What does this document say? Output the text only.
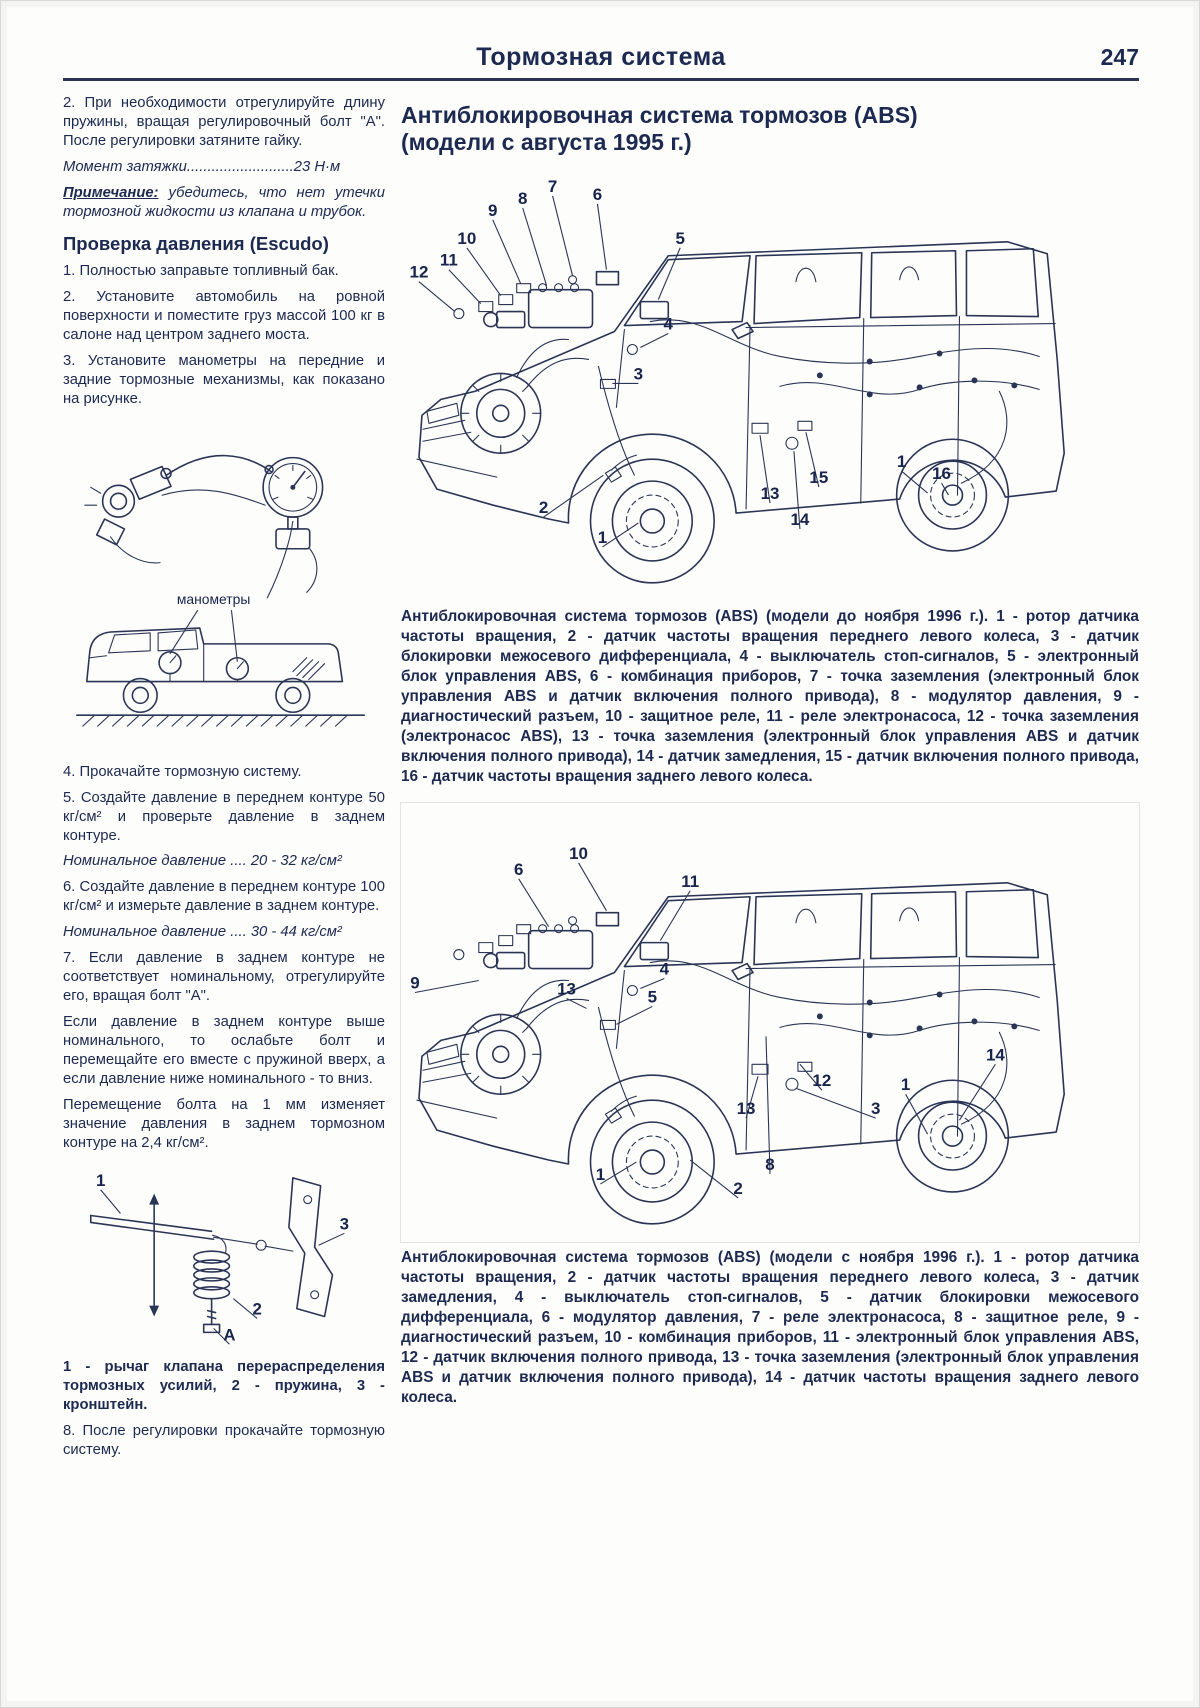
Тормозная система	247

2. При необходимости отрегулируйте длину пружины, вращая регулировочный болт "А". После регулировки затяните гайку.

Момент затяжки..........................23 Н·м

Примечание: убедитесь, что нет утечки тормозной жидкости из клапана и трубок.

Проверка давления (Escudo)

1. Полностью заправьте топливный бак.

2. Установите автомобиль на ровной поверхности и поместите груз массой 100 кг в салоне над центром заднего моста.

3. Установите манометры на передние и задние тормозные механизмы, как показано на рисунке.

манометры

4. Прокачайте тормозную систему.

5. Создайте давление в переднем контуре 50 кг/см² и проверьте давление в заднем контуре.

Номинальное давление .... 20 - 32 кг/см²

6. Создайте давление в переднем контуре 100 кг/см² и измерьте давление в заднем контуре.

Номинальное давление .... 30 - 44 кг/см²

7. Если давление в заднем контуре не соответствует номинальному, отрегулируйте его, вращая болт "А".

Если давление в заднем контуре выше номинального, то ослабьте болт и перемещайте его вместе с пружиной вверх, а если давление ниже номинального - то вниз.

Перемещение болта на 1 мм изменяет значение давления в заднем тормозном контуре на 2,4 кг/см².

1
2
3
А

1 - рычаг клапана перераспределения тормозных усилий, 2 - пружина, 3 - кронштейн.

8. После регулировки прокачайте тормозную систему.

Антиблокировочная система тормозов (ABS)
(модели с августа 1995 г.)
12
11
10
9
8
7 6
5
4
3
2
1
13
14
15
1
16

Антиблокировочная система тормозов (ABS) (модели до ноября 1996 г.). 1 - ротор датчика частоты вращения, 2 - датчик частоты вращения переднего левого колеса, 3 - датчик блокировки межосевого дифференциала, 4 - выключатель стоп-сигналов, 5 - электронный блок управления ABS, 6 - комбинация приборов, 7 - точка заземления (электронный блок управления ABS и датчик включения полного привода), 8 - модулятор давления, 9 - диагностический разъем, 10 - защитное реле, 11 - реле электронасоса, 12 - точка заземления (электронасос ABS), 13 - точка заземления (электронный блок управления ABS и датчик включения полного привода), 14 - датчик замедления, 15 - датчик включения полного привода, 16 - датчик частоты вращения заднего левого колеса.

10
6
11
9	13
4
5
14
1
12
3
13
8
2
1

Антиблокировочная система тормозов (ABS) (модели с ноября 1996 г.). 1 - ротор датчика частоты вращения, 2 - датчик частоты вращения переднего левого колеса, 3 - датчик замедления, 4 - выключатель стоп-сигналов, 5 - датчик блокировки межосевого дифференциала, 6 - модулятор давления, 7 - реле электронасоса, 8 - защитное реле, 9 - диагностический разъем, 10 - комбинация приборов, 11 - электронный блок управления ABS, 12 - датчик включения полного привода, 13 - точка заземления (электронный блок управления ABS и датчик включения полного привода), 14 - датчик частоты вращения заднего левого колеса.
